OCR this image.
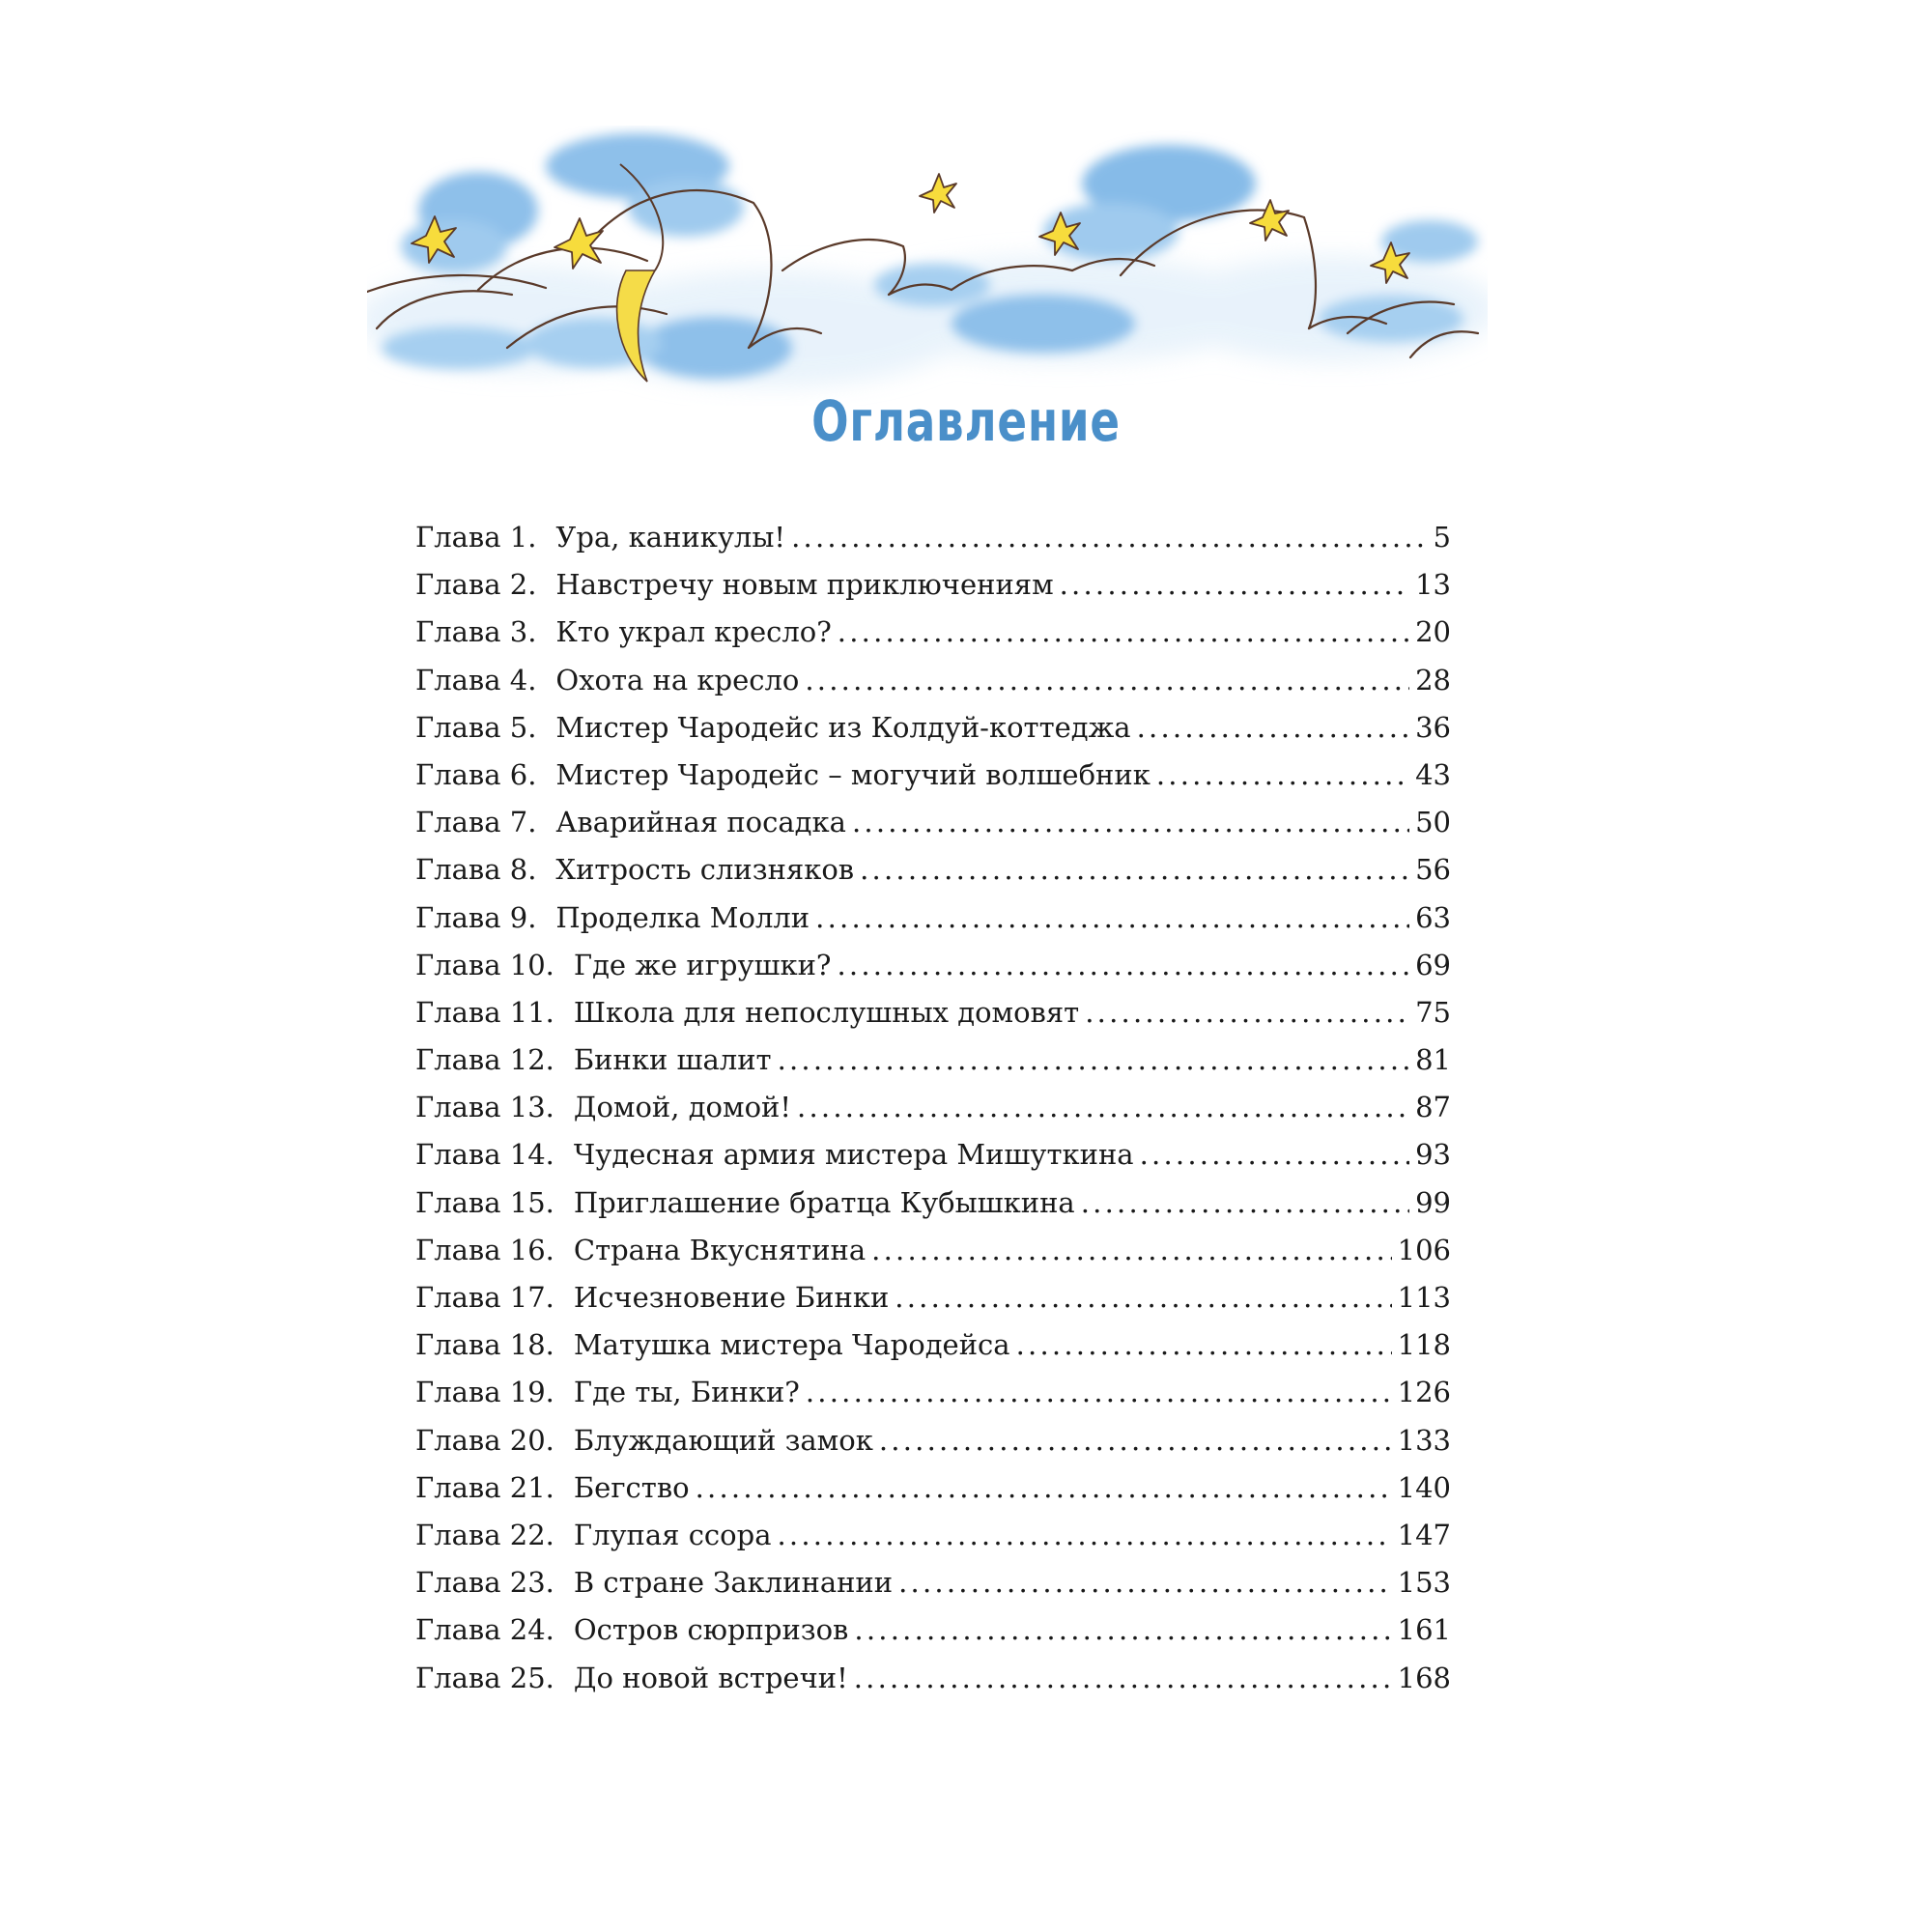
Оглавление
Глава 1. Ура, каникулы! . . .	5
Глава 2. Навстречу новым приключениям . . .	13
Глава 3. Кто украл кресло? . . .	20
Глава 4. Охота на кресло . . .	28
Глава 5. Мистер Чародейс из Колдуй-коттеджа . . .	36
Глава 6. Мистер Чародейс – могучий волшебник . . .	43
Глава 7. Аварийная посадка . . .	50
Глава 8. Хитрость слизняков . . .	56
Глава 9. Проделка Молли . . .	63
Глава 10. Где же игрушки? . . .	69
Глава 11. Школа для непослушных домовят . . .	75
Глава 12. Бинки шалит . . .	81
Глава 13. Домой, домой! . . .	87
Глава 14. Чудесная армия мистера Мишуткина . . .	93
Глава 15. Приглашение братца Кубышкина . . .	99
Глава 16. Страна Вкуснятина . . .	106
Глава 17. Исчезновение Бинки . . .	113
Глава 18. Матушка мистера Чародейса . . .	118
Глава 19. Где ты, Бинки? . . .	126
Глава 20. Блуждающий замок . . .	133
Глава 21. Бегство . . .	140
Глава 22. Глупая ссора . . .	147
Глава 23. В стране Заклинании . . .	153
Глава 24. Остров сюрпризов . . .	161
Глава 25. До новой встречи! . . .	168
